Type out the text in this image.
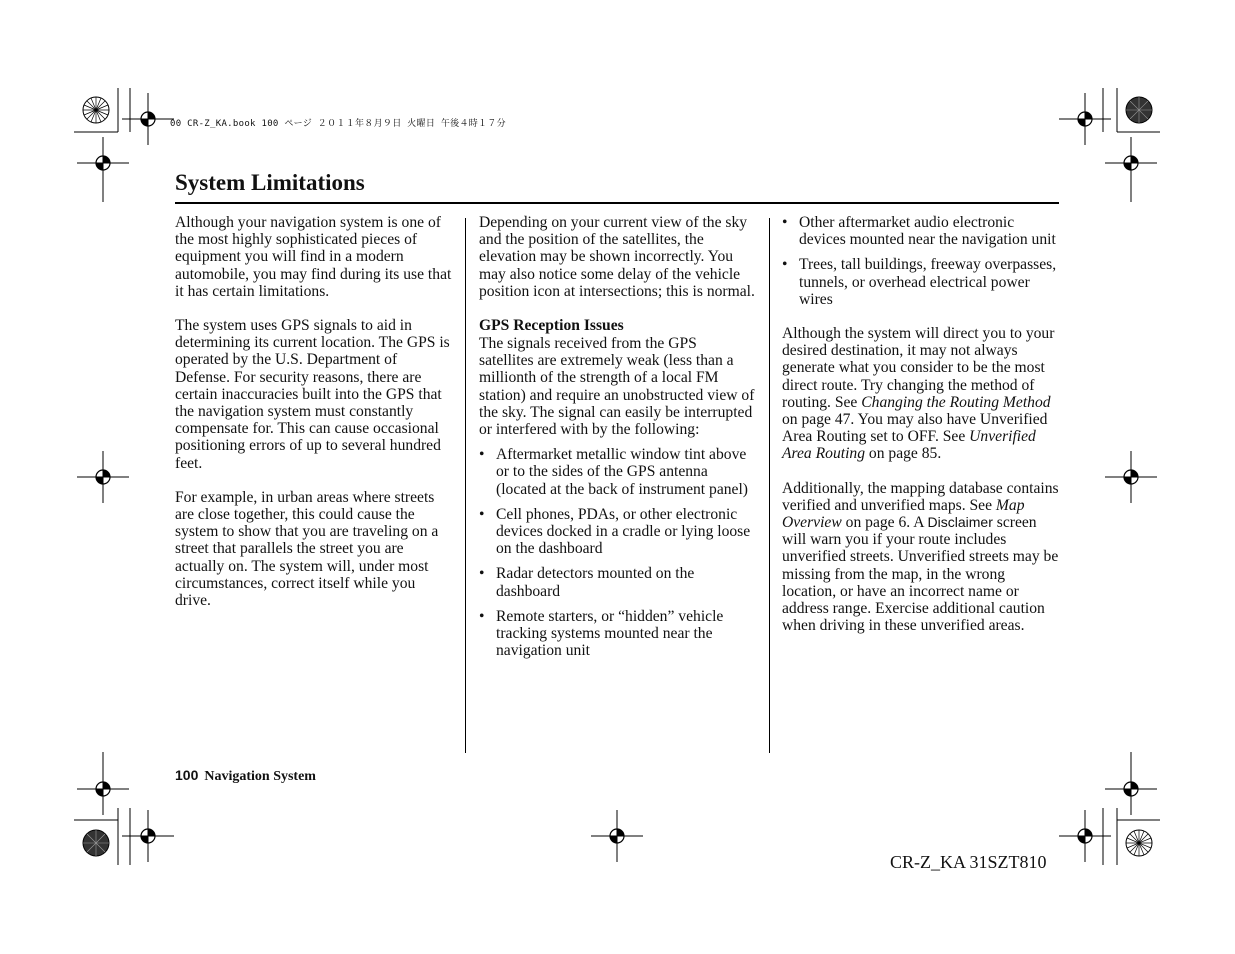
00 CR-Z_KA.book 100 ページ ２０１１年８月９日 火曜日 午後４時１７分
System Limitations

Although your navigation system is one of the most highly sophisticated pieces of equipment you will find in a modern automobile, you may find during its use that it has certain limitations.

The system uses GPS signals to aid in determining its current location. The GPS is operated by the U.S. Department of Defense. For security reasons, there are certain inaccuracies built into the GPS that the navigation system must constantly compensate for. This can cause occasional positioning errors of up to several hundred feet.

For example, in urban areas where streets are close together, this could cause the system to show that you are traveling on a street that parallels the street you are actually on. The system will, under most circumstances, correct itself while you drive.

Depending on your current view of the sky and the position of the satellites, the elevation may be shown incorrectly. You may also notice some delay of the vehicle position icon at intersections; this is normal.

GPS Reception Issues

The signals received from the GPS satellites are extremely weak (less than a millionth of the strength of a local FM station) and require an unobstructed view of the sky. The signal can easily be interrupted or interfered with by the following:

• Aftermarket metallic window tint above or to the sides of the GPS antenna (located at the back of instrument panel)
• Cell phones, PDAs, or other electronic devices docked in a cradle or lying loose on the dashboard
• Radar detectors mounted on the dashboard
• Remote starters, or “hidden” vehicle tracking systems mounted near the navigation unit
• Other aftermarket audio electronic devices mounted near the navigation unit
• Trees, tall buildings, freeway overpasses, tunnels, or overhead electrical power wires

Although the system will direct you to your desired destination, it may not always generate what you consider to be the most direct route. Try changing the method of routing. See Changing the Routing Method on page 47. You may also have Unverified Area Routing set to OFF. See Unverified Area Routing on page 85.

Additionally, the mapping database contains verified and unverified maps. See Map Overview on page 6. A Disclaimer screen will warn you if your route includes unverified streets. Unverified streets may be missing from the map, in the wrong location, or have an incorrect name or address range. Exercise additional caution when driving in these unverified areas.

100 Navigation System
CR-Z_KA 31SZT810
